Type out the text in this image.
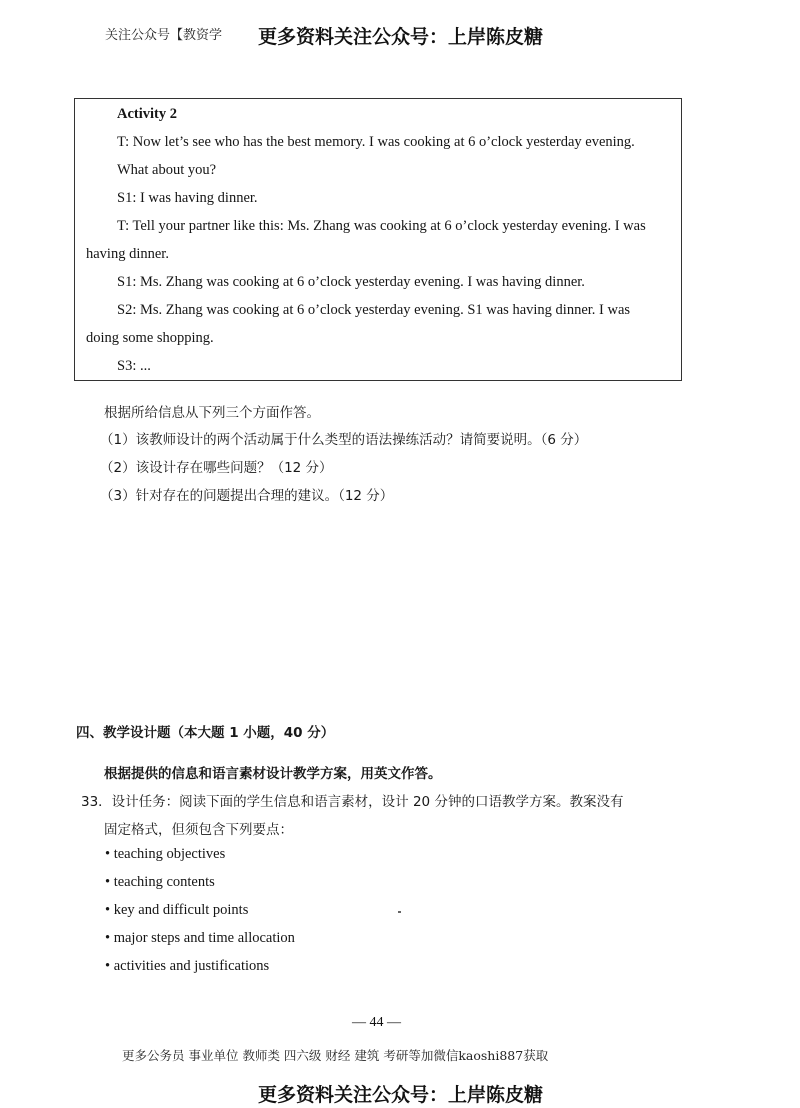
关注公众号【教资学 更多资料关注公众号：上岸陈皮糖
Activity 2
T: Now let’s see who has the best memory. I was cooking at 6 o’clock yesterday evening.
What about you?
S1: I was having dinner.
T: Tell your partner like this: Ms. Zhang was cooking at 6 o’clock yesterday evening. I was
having dinner.
S1: Ms. Zhang was cooking at 6 o’clock yesterday evening. I was having dinner.
S2: Ms. Zhang was cooking at 6 o’clock yesterday evening. S1 was having dinner. I was
doing some shopping.
S3: ...
根据所给信息从下列三个方面作答。
（1）该教师设计的两个活动属于什么类型的语法操练活动？请简要说明。（6 分）
（2）该设计存在哪些问题？（12 分）
（3）针对存在的问题提出合理的建议。（12 分）
四、教学设计题（本大题 1 小题，40 分）
根据提供的信息和语言素材设计教学方案，用英文作答。
33．设计任务：阅读下面的学生信息和语言素材，设计 20 分钟的口语教学方案。教案没有
固定格式，但须包含下列要点：
• teaching objectives
• teaching contents
• key and difficult points
• major steps and time allocation
• activities and justifications
— 44 —
更多公务员 事业单位 教师类 四六级 财经 建筑 考研等加微信kaoshi887获取
更多资料关注公众号：上岸陈皮糖
